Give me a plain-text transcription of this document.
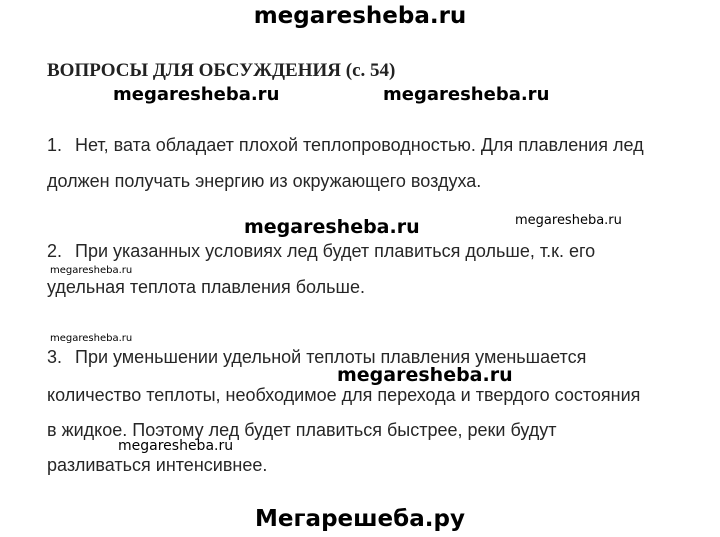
megaresheba.ru
ВОПРОСЫ ДЛЯ ОБСУЖДЕНИЯ (с. 54)
megaresheba.ru	megaresheba.ru
1. Нет, вата обладает плохой теплопроводностью. Для плавления лед
должен получать энергию из окружающего воздуха.
megaresheba.ru	megaresheba.ru
2. При указанных условиях лед будет плавиться дольше, т.к. его
megaresheba.ru
удельная теплота плавления больше.
megaresheba.ru
3. При уменьшении удельной теплоты плавления уменьшается
megaresheba.ru
количество теплоты, необходимое для перехода и твердого состояния
в жидкое. Поэтому лед будет плавиться быстрее, реки будут
megaresheba.ru
разливаться интенсивнее.
Мегарешеба.ру
